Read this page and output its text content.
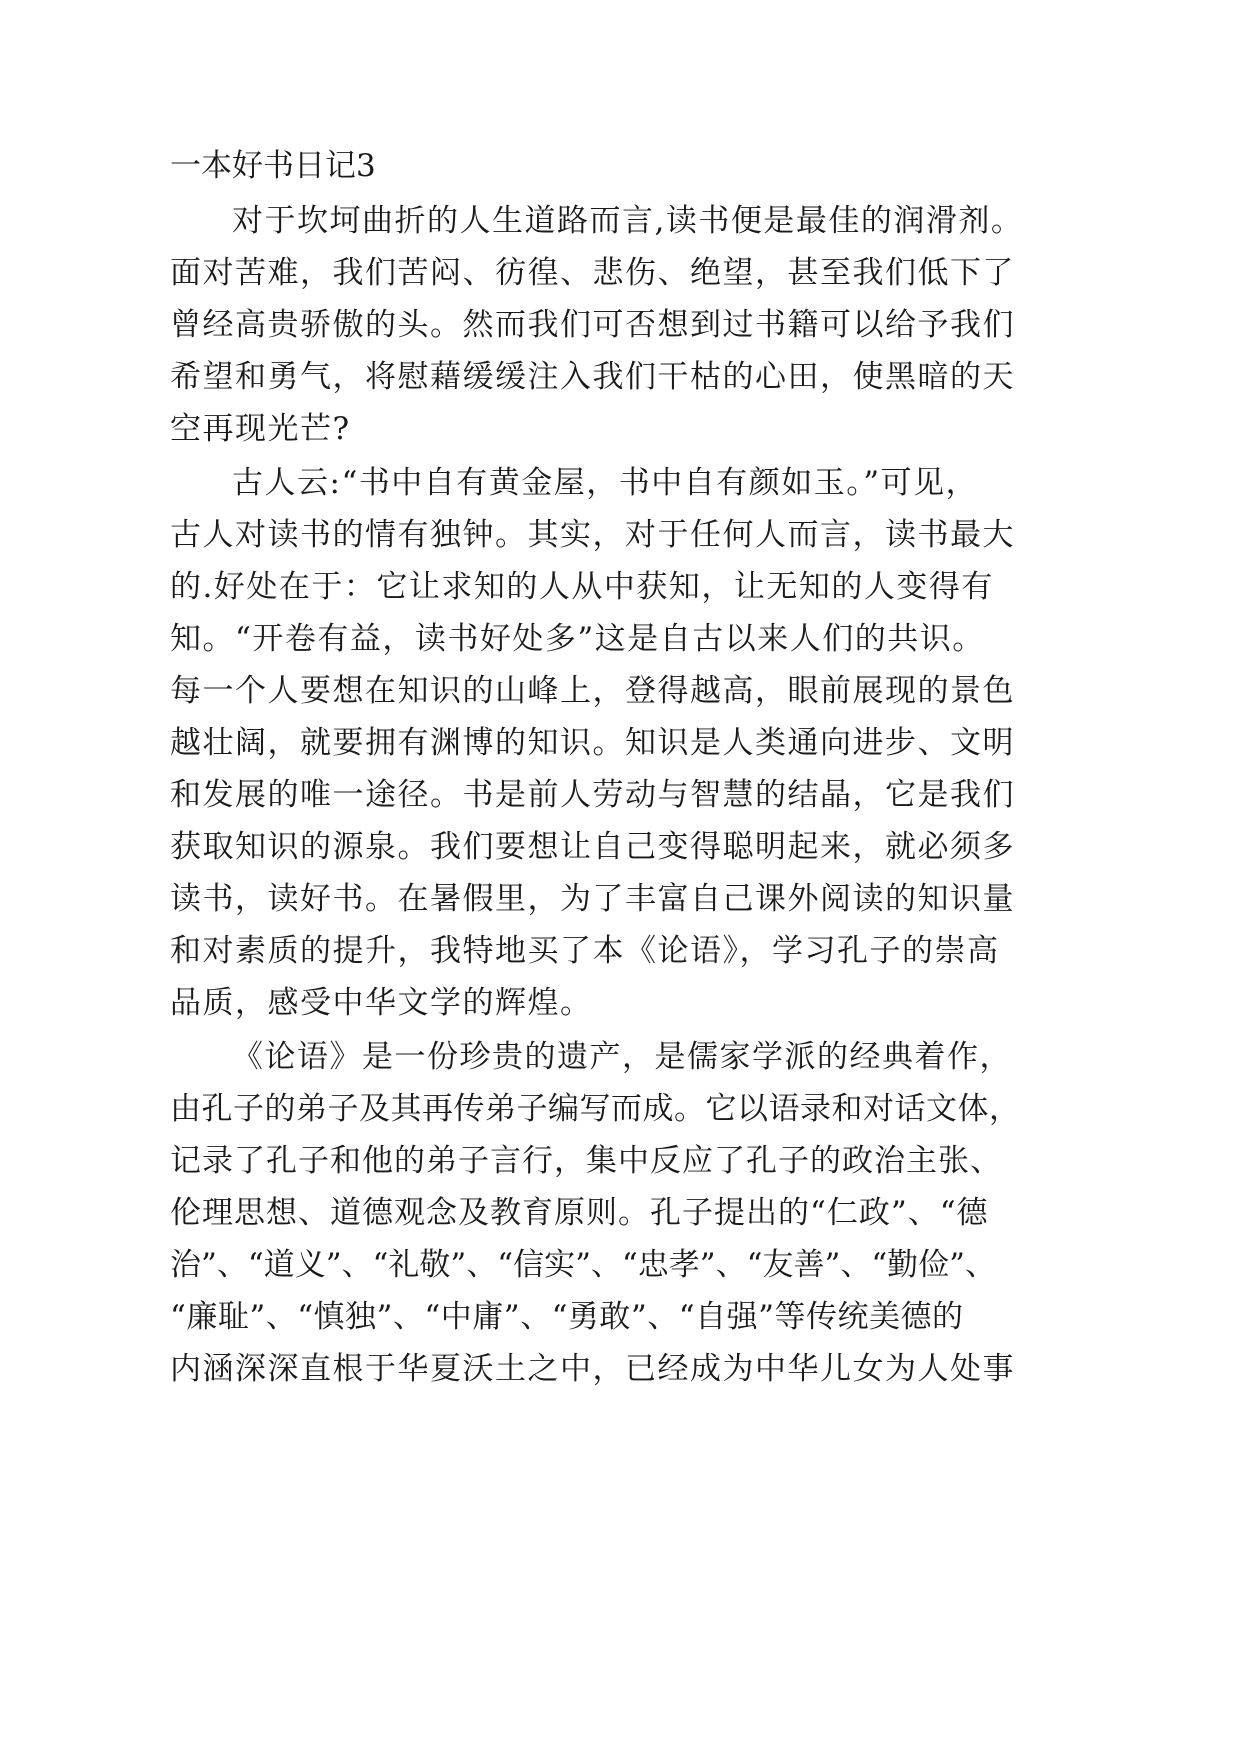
一本好书日记3

对于坎坷曲折的人生道路而言,读书便是最佳的润滑剂。

面对苦难，我们苦闷、彷徨、悲伤、绝望，甚至我们低下了

曾经高贵骄傲的头。然而我们可否想到过书籍可以给予我们

希望和勇气，将慰藉缓缓注入我们干枯的心田，使黑暗的天

空再现光芒?

古人云:“书中自有黄金屋，书中自有颜如玉。”可见，

古人对读书的情有独钟。其实，对于任何人而言，读书最大

的.好处在于：它让求知的人从中获知，让无知的人变得有

知。“开卷有益，读书好处多”这是自古以来人们的共识。

每一个人要想在知识的山峰上，登得越高，眼前展现的景色

越壮阔，就要拥有渊博的知识。知识是人类通向进步、文明

和发展的唯一途径。书是前人劳动与智慧的结晶，它是我们

获取知识的源泉。我们要想让自己变得聪明起来，就必须多

读书，读好书。在暑假里，为了丰富自己课外阅读的知识量

和对素质的提升，我特地买了本《论语》，学习孔子的崇高

品质，感受中华文学的辉煌。

《论语》是一份珍贵的遗产，是儒家学派的经典着作，

由孔子的弟子及其再传弟子编写而成。它以语录和对话文体，

记录了孔子和他的弟子言行，集中反应了孔子的政治主张、

伦理思想、道德观念及教育原则。孔子提出的“仁政”、“德

治”、“道义”、“礼敬”、“信实”、“忠孝”、“友善”、“勤俭”、

“廉耻”、“慎独”、“中庸”、“勇敢”、“自强”等传统美德的

内涵深深直根于华夏沃土之中，已经成为中华儿女为人处事
